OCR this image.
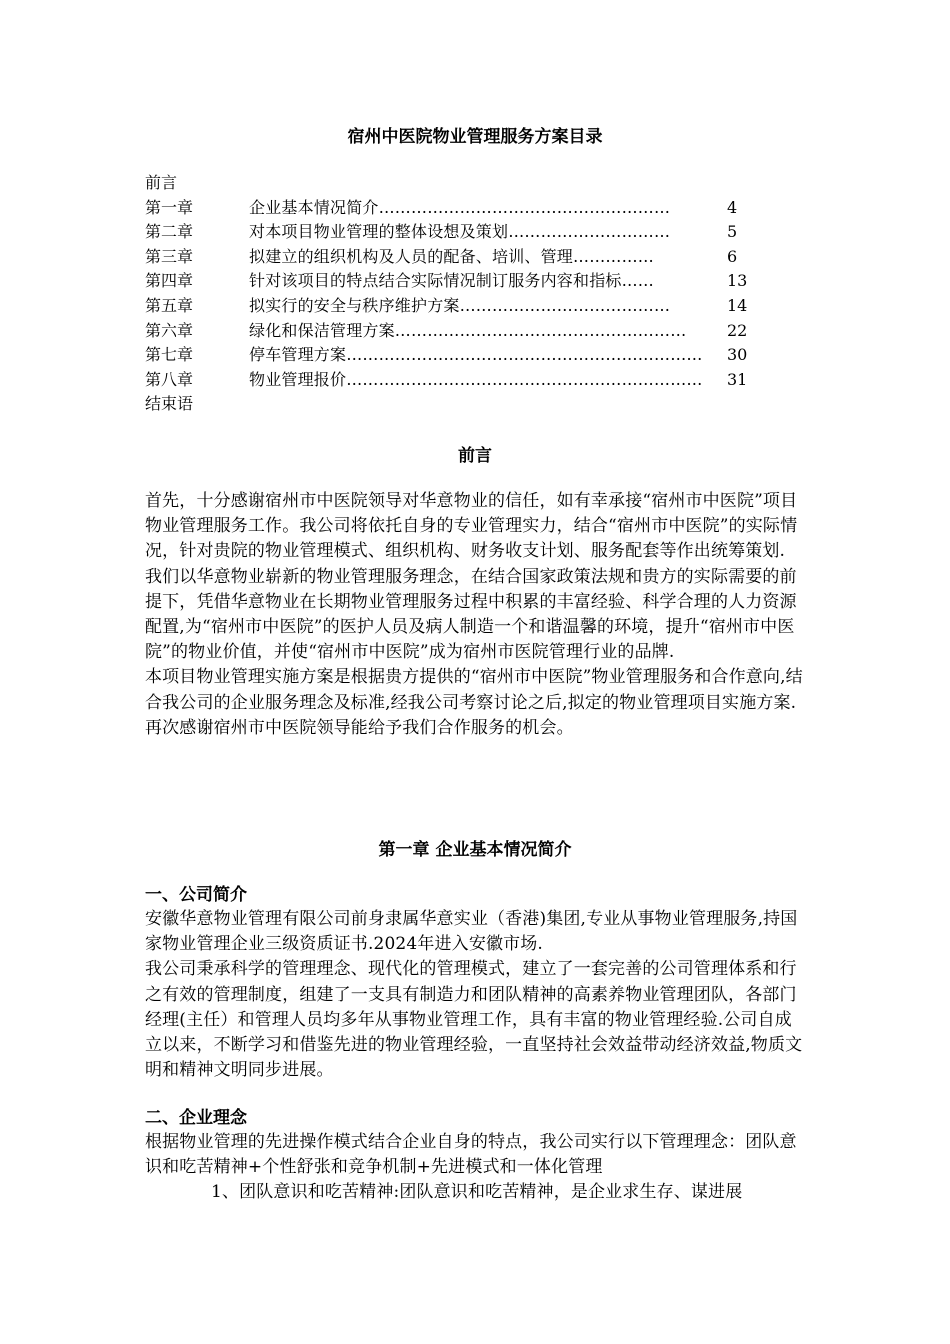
宿州中医院物业管理服务方案目录
前言
第一章	企业基本情况简介………………………………………………	4
第二章	对本项目物业管理的整体设想及策划…………………………	5
第三章	拟建立的组织机构及人员的配备、培训、管理……………	6
第四章	针对该项目的特点结合实际情况制订服务内容和指标……	13
第五章	拟实行的安全与秩序维护方案…………………………………	14
第六章	绿化和保洁管理方案………………………………………………	22
第七章	停车管理方案………………………………………………………… 30
第八章	物业管理报价………………………………………………………… 31
结束语
前言

首先，十分感谢宿州市中医院领导对华意物业的信任，如有幸承接“宿州市中医院”项目物业管理服务工作。我公司将依托自身的专业管理实力，结合“宿州市中医院”的实际情况，针对贵院的物业管理模式、组织机构、财务收支计划、服务配套等作出统筹策划.

我们以华意物业崭新的物业管理服务理念，在结合国家政策法规和贵方的实际需要的前提下，凭借华意物业在长期物业管理服务过程中积累的丰富经验、科学合理的人力资源配置,为“宿州市中医院”的医护人员及病人制造一个和谐温馨的环境，提升“宿州市中医院”的物业价值，并使“宿州市中医院”成为宿州市医院管理行业的品牌.

本项目物业管理实施方案是根据贵方提供的“宿州市中医院”物业管理服务和合作意向,结合我公司的企业服务理念及标准,经我公司考察讨论之后,拟定的物业管理项目实施方案.

再次感谢宿州市中医院领导能给予我们合作服务的机会。

第一章 企业基本情况简介
一、公司简介

安徽华意物业管理有限公司前身隶属华意实业（香港)集团,专业从事物业管理服务,持国家物业管理企业三级资质证书.2024年进入安徽市场.

我公司秉承科学的管理理念、现代化的管理模式，建立了一套完善的公司管理体系和行之有效的管理制度，组建了一支具有制造力和团队精神的高素养物业管理团队，各部门经理(主任）和管理人员均多年从事物业管理工作，具有丰富的物业管理经验.公司自成立以来，不断学习和借鉴先进的物业管理经验，一直坚持社会效益带动经济效益,物质文明和精神文明同步进展。

二、企业理念

根据物业管理的先进操作模式结合企业自身的特点，我公司实行以下管理理念：团队意识和吃苦精神+个性舒张和竞争机制+先进模式和一体化管理

1、团队意识和吃苦精神:团队意识和吃苦精神，是企业求生存、谋进展
